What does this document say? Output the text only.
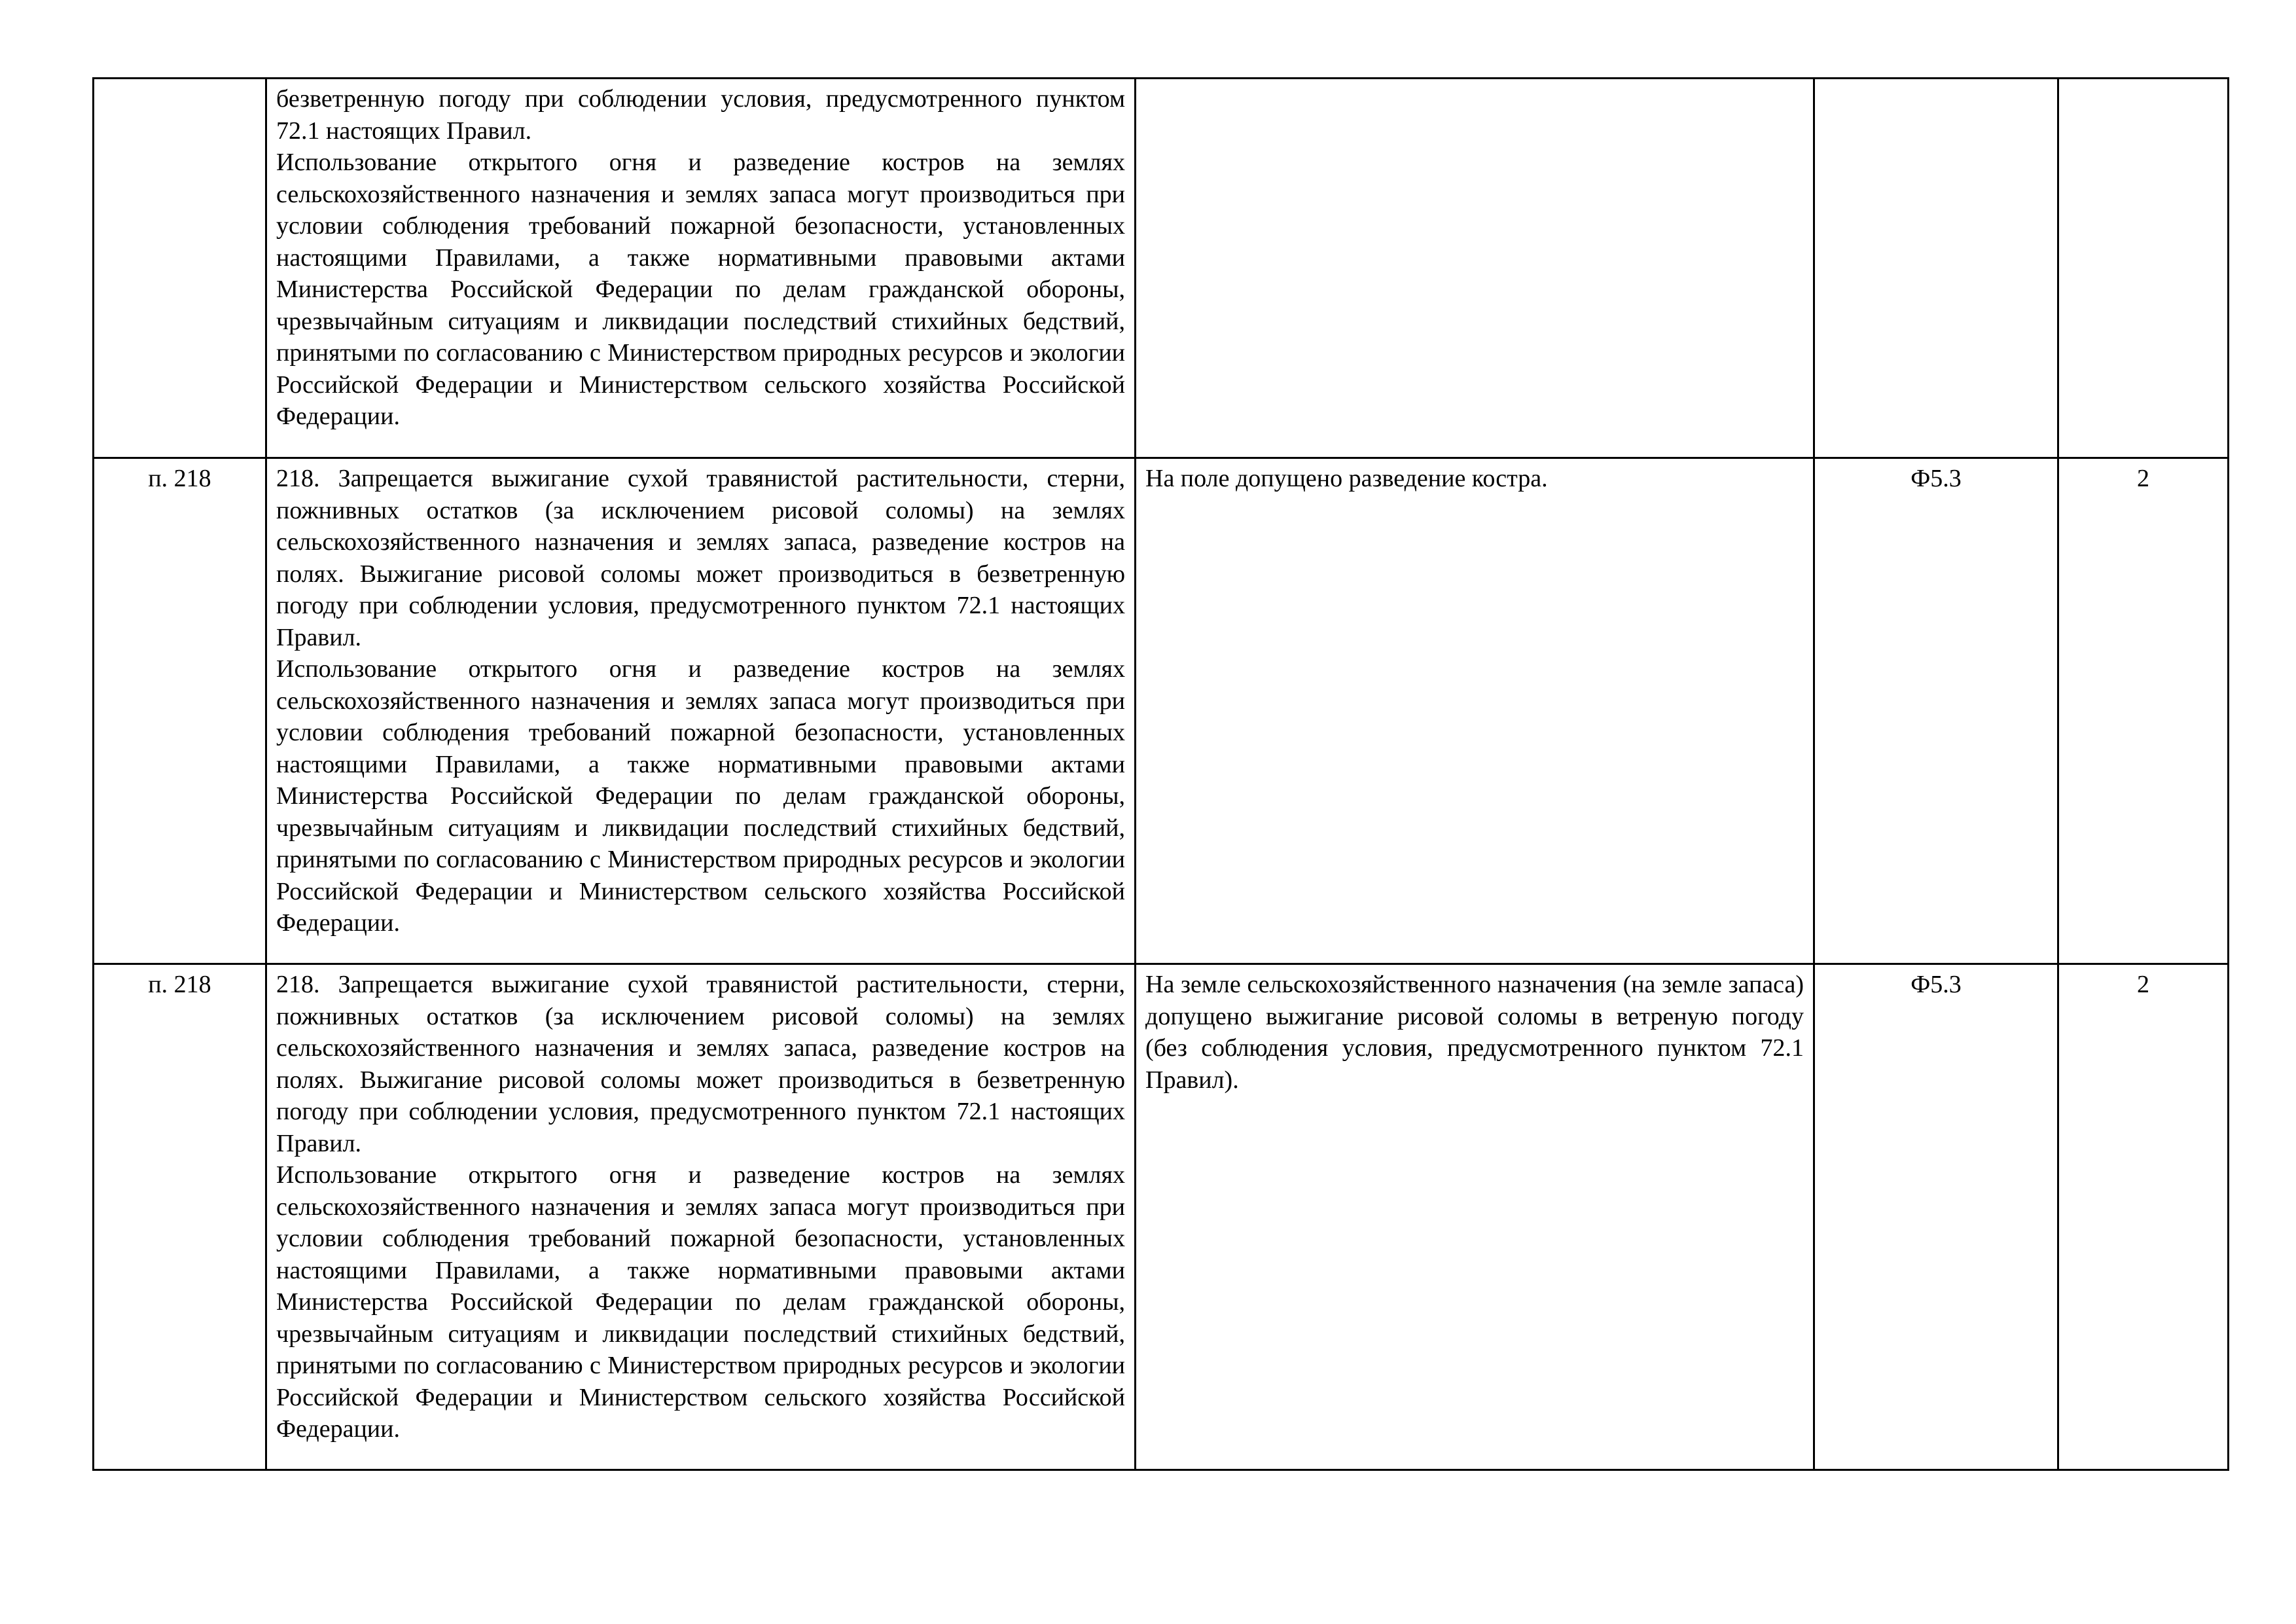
	безветренную погоду при соблюдении условия, предусмотренного пунктом 72.1 настоящих Правил.
Использование открытого огня и разведение костров на землях сельскохозяйственного назначения и землях запаса могут производиться при условии соблюдения требований пожарной безопасности, установленных настоящими Правилами, а также нормативными правовыми актами Министерства Российской Федерации по делам гражданской обороны, чрезвычайным ситуациям и ликвидации последствий стихийных бедствий, принятыми по согласованию с Министерством природных ресурсов и экологии Российской Федерации и Министерством сельского хозяйства Российской Федерации.			

п. 218	218. Запрещается выжигание сухой травянистой растительности, стерни, пожнивных остатков (за исключением рисовой соломы) на землях сельскохозяйственного назначения и землях запаса, разведение костров на полях. Выжигание рисовой соломы может производиться в безветренную погоду при соблюдении условия, предусмотренного пунктом 72.1 настоящих Правил.
Использование открытого огня и разведение костров на землях сельскохозяйственного назначения и землях запаса могут производиться при условии соблюдения требований пожарной безопасности, установленных настоящими Правилами, а также нормативными правовыми актами Министерства Российской Федерации по делам гражданской обороны, чрезвычайным ситуациям и ликвидации последствий стихийных бедствий, принятыми по согласованию с Министерством природных ресурсов и экологии Российской Федерации и Министерством сельского хозяйства Российской Федерации.	На поле допущено разведение костра.	Ф5.3	2
п. 218	218. Запрещается выжигание сухой травянистой растительности, стерни, пожнивных остатков (за исключением рисовой соломы) на землях сельскохозяйственного назначения и землях запаса, разведение костров на полях. Выжигание рисовой соломы может производиться в безветренную погоду при соблюдении условия, предусмотренного пунктом 72.1 настоящих Правил.
Использование открытого огня и разведение костров на землях сельскохозяйственного назначения и землях запаса могут производиться при условии соблюдения требований пожарной безопасности, установленных настоящими Правилами, а также нормативными правовыми актами Министерства Российской Федерации по делам гражданской обороны, чрезвычайным ситуациям и ликвидации последствий стихийных бедствий, принятыми по согласованию с Министерством природных ресурсов и экологии Российской Федерации и Министерством сельского хозяйства Российской Федерации.	На земле сельскохозяйственного назначения (на земле запаса) допущено выжигание рисовой соломы в ветреную погоду (без соблюдения условия, предусмотренного пунктом 72.1 Правил).	Ф5.3	2
